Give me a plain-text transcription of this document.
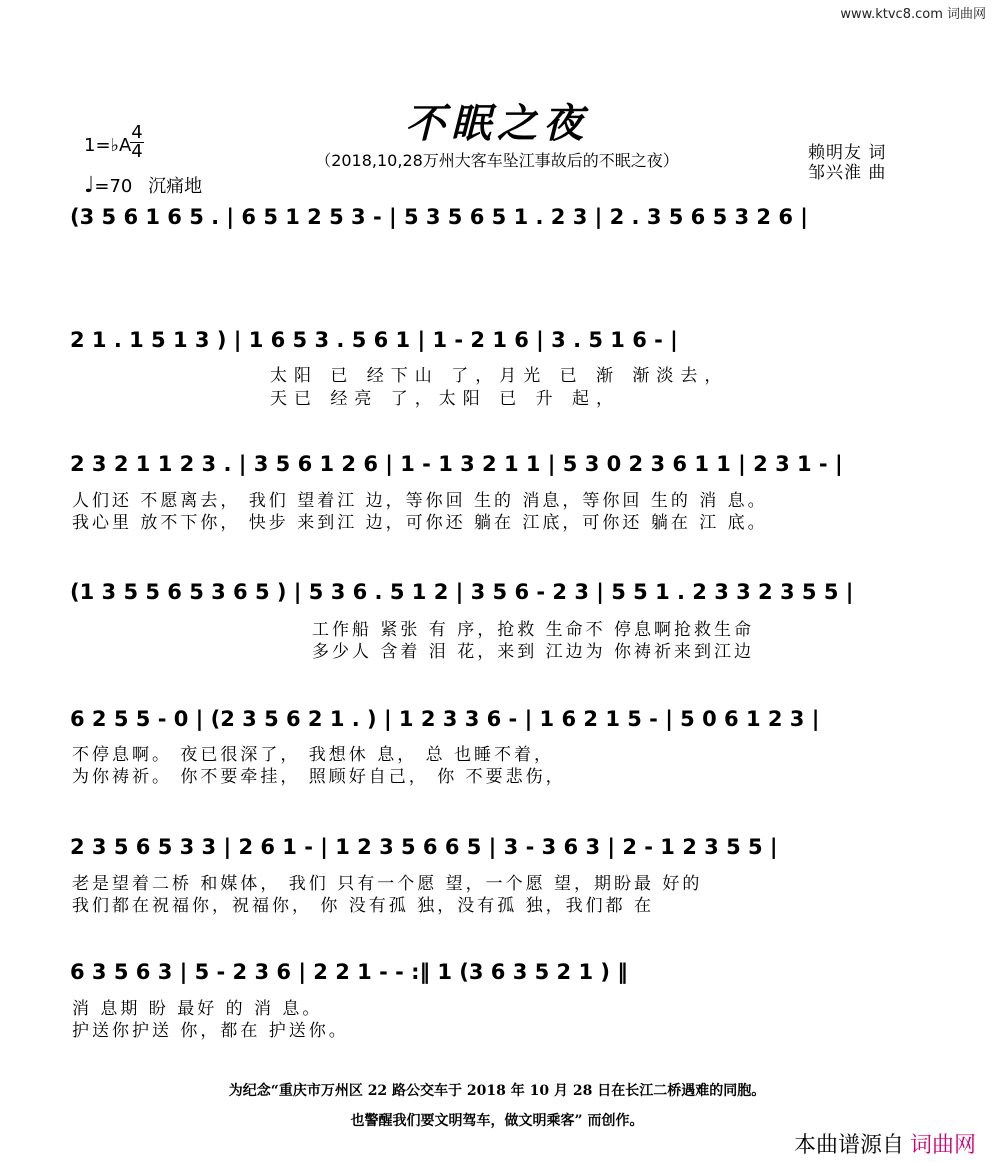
www.ktvc8.com 词曲网
不眠之夜
（2018,10,28万州大客车坠江事故后的不眠之夜）
1=♭A
4
4
♩=70 沉痛地
赖明友 词
邹兴淮 曲
(3 5 6 1 6 5 . | 6 5 1 2 5 3 - | 5 3 5 6 5 1 . 2 3 | 2 . 3 5 6 5 3 2 6 |
2 1 . 1 5 1 3 ) | 1 6 5 3 . 5 6 1 | 1 - 2 1 6 | 3 . 5 1 6 - |
太阳 已 经下山 了，月光 已 渐 渐淡去，
天已 经亮 了，太阳 已 升 起，
2 3 2 1 1 2 3 . | 3 5 6 1 2 6 | 1 - 1 3 2 1 1 | 5 3 0 2 3 6 1 1 | 2 3 1 - |
人们还 不愿离去， 我们 望着江 边，等你回 生的 消息，等你回 生的 消 息。
我心里 放不下你， 快步 来到江 边，可你还 躺在 江底，可你还 躺在 江 底。
(1 3 5 5 6 5 3 6 5 ) | 5 3 6 . 5 1 2 | 3 5 6 - 2 3 | 5 5 1 . 2 3 3 2 3 5 5 |
工作船 紧张 有 序，抢救 生命不 停息啊抢救生命
多少人 含着 泪 花，来到 江边为 你祷祈来到江边
6 2 5 5 - 0 | (2 3 5 6 2 1 . ) | 1 2 3 3 6 - | 1 6 2 1 5 - | 5 0 6 1 2 3 |
不停息啊。 夜已很深了， 我想休 息， 总 也睡不着，
为你祷祈。 你不要牵挂， 照顾好自己， 你 不要悲伤，
2 3 5 6 5 3 3 | 2 6 1 - | 1 2 3 5 6 6 5 | 3 - 3 6 3 | 2 - 1 2 3 5 5 |
老是望着二桥 和媒体， 我们 只有一个愿 望，一个愿 望，期盼最 好的
我们都在祝福你，祝福你， 你 没有孤 独，没有孤 独，我们都 在
6 3 5 6 3 | 5 - 2 3 6 | 2 2 1 - - :‖ 1 (3 6 3 5 2 1 ) ‖
消 息期 盼 最好 的 消 息。
护送你护送 你，都在 护送你。
为纪念“重庆市万州区 22 路公交车于 2018 年 10 月 28 日在长江二桥遇难的同胞。
也警醒我们要文明驾车，做文明乘客” 而创作。
本曲谱源自 词曲网
